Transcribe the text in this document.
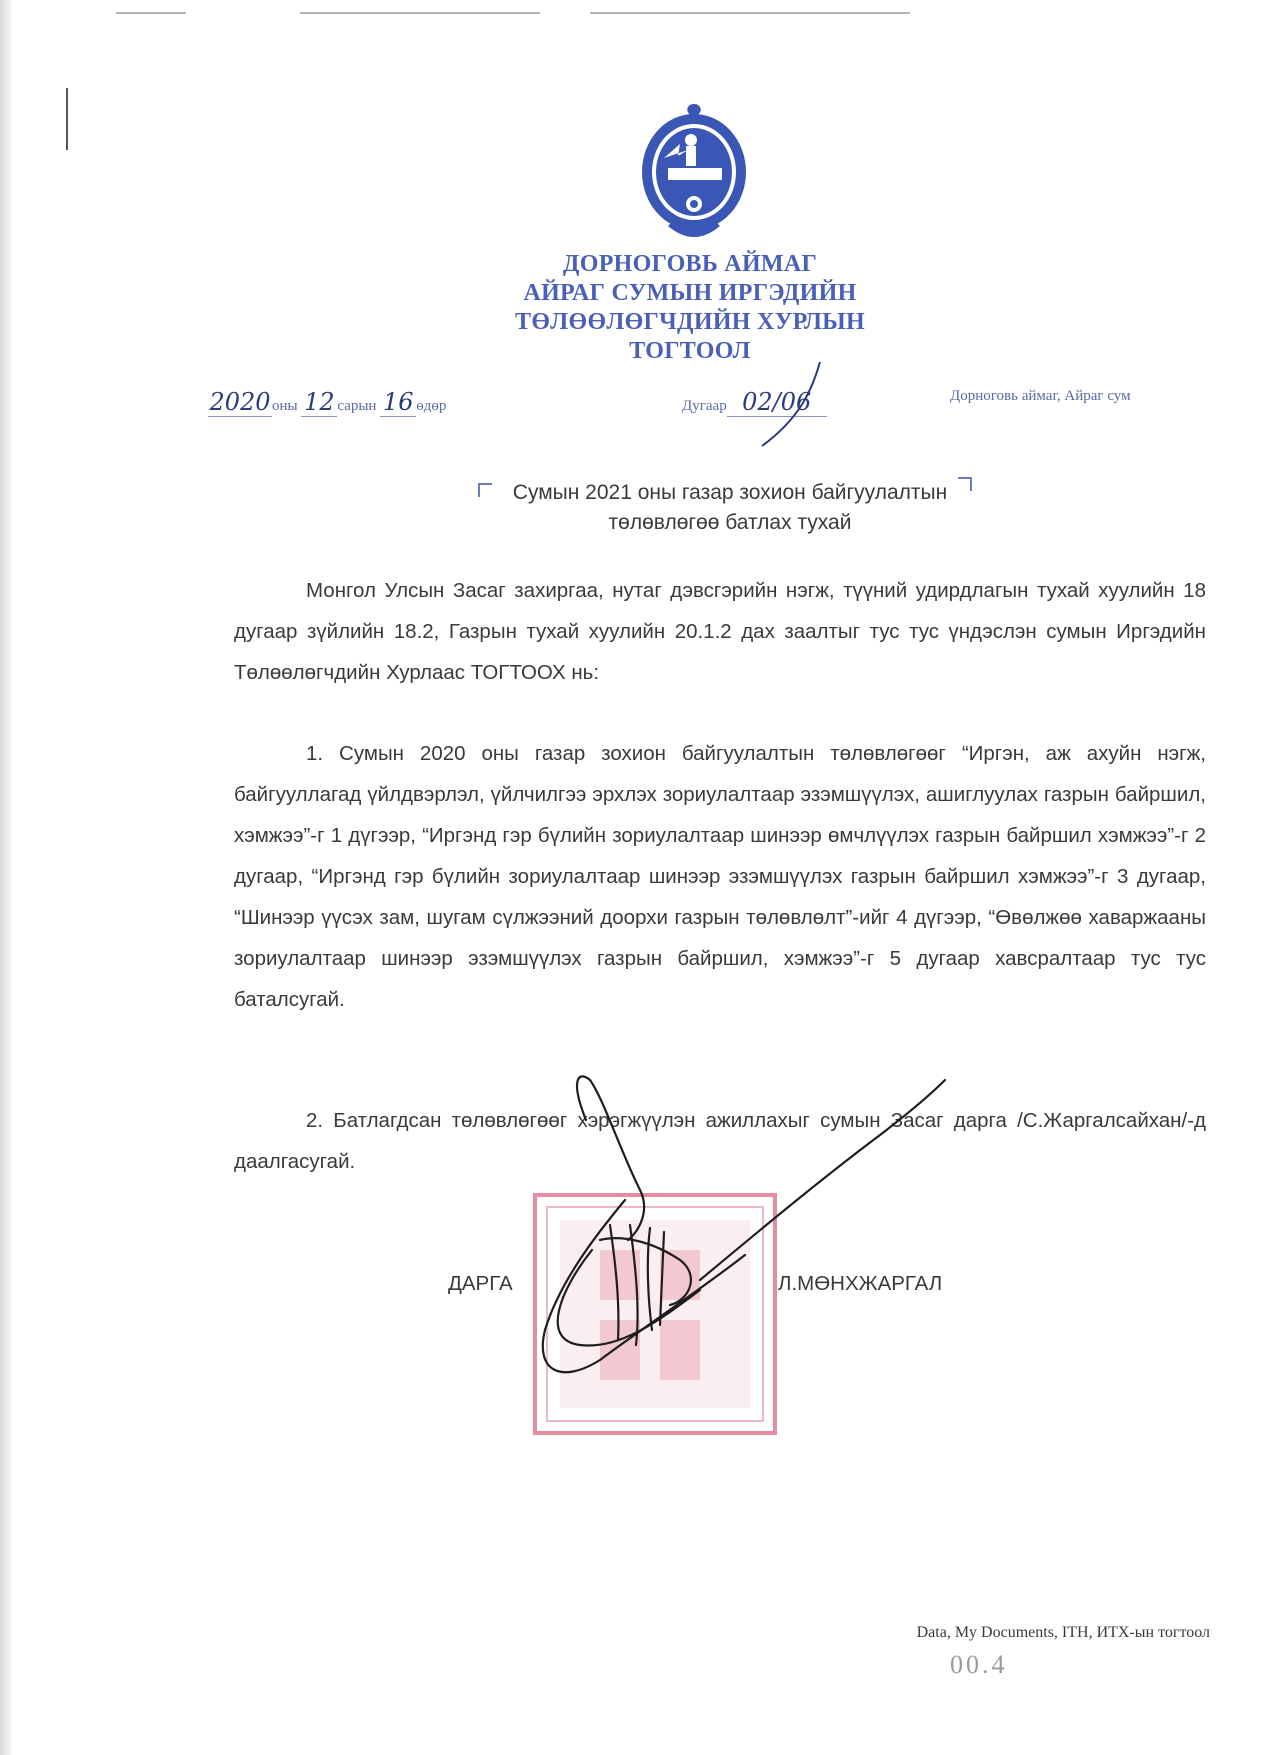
ДОРНОГОВЬ АЙМАГ
АЙРАГ СУМЫН ИРГЭДИЙН
ТӨЛӨӨЛӨГЧДИЙН ХУРЛЫН
ТОГТООЛ
2020оны 12 сарын 16 өдөр	Дугаар 02/06	Дорноговь аймаг, Айраг сум
Сумын 2021 оны газар зохион байгуулалтын
төлөвлөгөө батлах тухай

Монгол Улсын Засаг захиргаа, нутаг дэвсгэрийн нэгж, түүний удирдлагын тухай хуулийн 18 дугаар зүйлийн 18.2, Газрын тухай хуулийн 20.1.2 дах заалтыг тус тус үндэслэн сумын Иргэдийн Төлөөлөгчдийн Хурлаас ТОГТООХ нь:

1. Сумын 2020 оны газар зохион байгуулалтын төлөвлөгөөг “Иргэн, аж ахуйн нэгж, байгууллагад үйлдвэрлэл, үйлчилгээ эрхлэх зориулалтаар эзэмшүүлэх, ашиглуулах газрын байршил, хэмжээ”-г 1 дүгээр, “Иргэнд гэр бүлийн зориулалтаар шинээр өмчлүүлэх газрын байршил хэмжээ”-г 2 дугаар, “Иргэнд гэр бүлийн зориулалтаар шинээр эзэмшүүлэх газрын байршил хэмжээ”-г 3 дугаар, “Шинээр үүсэх зам, шугам сүлжээний доорхи газрын төлөвлөлт”-ийг 4 дүгээр, “Өвөлжөө хаваржааны зориулалтаар шинээр эзэмшүүлэх газрын байршил, хэмжээ”-г 5 дугаар хавсралтаар тус тус баталсугай.

2. Батлагдсан төлөвлөгөөг хэрэгжүүлэн ажиллахыг сумын Засаг дарга /С.Жаргалсайхан/-д даалгасугай.

ДАРГА	Л.МӨНХЖАРГАЛ
Data, My Documents, ITH, ИТХ-ын тогтоол
00.4
